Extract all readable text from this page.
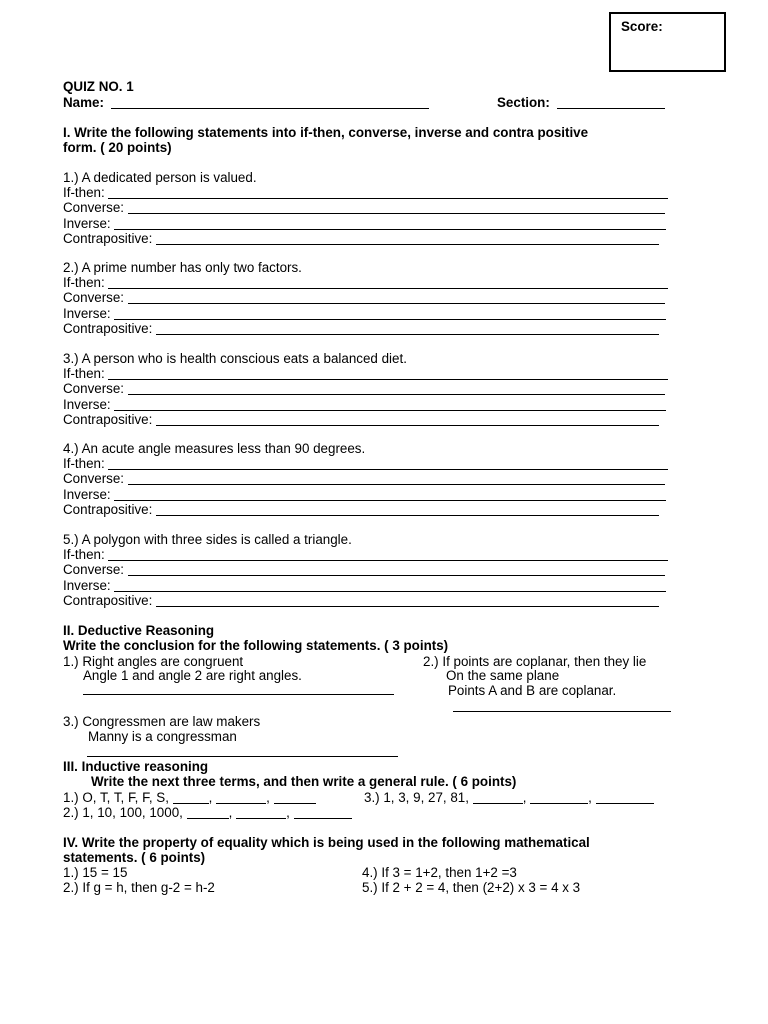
Score:
QUIZ NO. 1
Name:	Section:
I. Write the following statements into if-then, converse, inverse and contra positive
form. ( 20 points)
1.) A dedicated person is valued.
If-then:
Converse:
Inverse:
Contrapositive:
2.) A prime number has only two factors.
If-then:
Converse:
Inverse:
Contrapositive:
3.) A person who is health conscious eats a balanced diet.
If-then:
Converse:
Inverse:
Contrapositive:
4.) An acute angle measures less than 90 degrees.
If-then:
Converse:
Inverse:
Contrapositive:
5.) A polygon with three sides is called a triangle.
If-then:
Converse:
Inverse:
Contrapositive:
II. Deductive Reasoning
Write the conclusion for the following statements. ( 3 points)
1.) Right angles are congruent
Angle 1 and angle 2 are right angles.
2.) If points are coplanar, then they lie
On the same plane
Points A and B are coplanar.
3.) Congressmen are law makers
Manny is a congressman
III. Inductive reasoning
Write the next three terms, and then write a general rule. ( 6 points)
1.) O, T, T, F, F, S,	,	,	3.) 1, 3, 9, 27, 81,	,	,
2.) 1, 10, 100, 1000,	,	,
IV. Write the property of equality which is being used in the following mathematical
statements. ( 6 points)
1.) 15 = 15
2.) If g = h, then g-2 = h-2
4.) If 3 = 1+2, then 1+2 =3
5.) If 2 + 2 = 4, then (2+2) x 3 = 4 x 3
